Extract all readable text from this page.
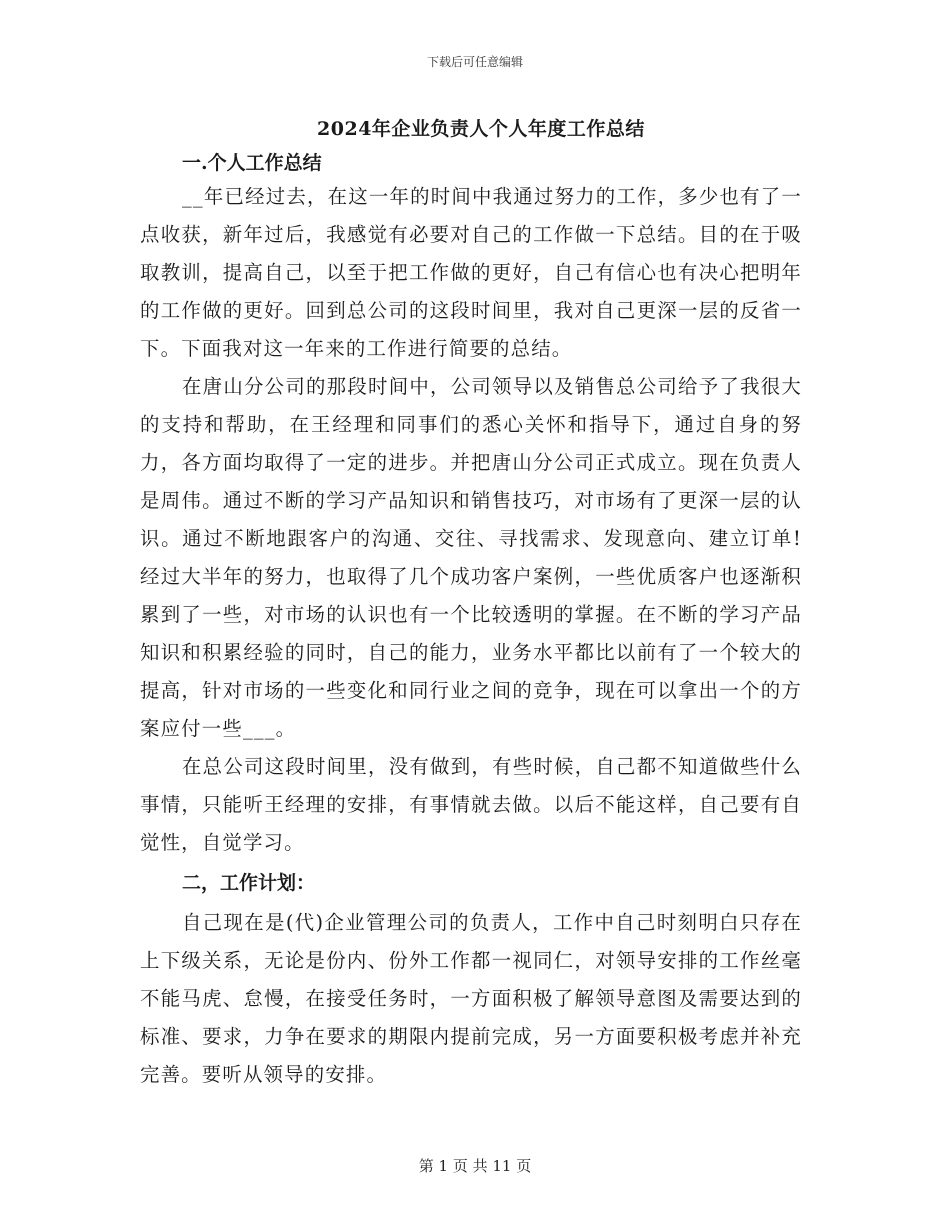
下载后可任意编辑
2024年企业负责人个人年度工作总结
一.个人工作总结

__年已经过去，在这一年的时间中我通过努力的工作，多少也有了一点收获，新年过后，我感觉有必要对自己的工作做一下总结。目的在于吸取教训，提高自己，以至于把工作做的更好，自己有信心也有决心把明年的工作做的更好。回到总公司的这段时间里，我对自己更深一层的反省一下。下面我对这一年来的工作进行简要的总结。

在唐山分公司的那段时间中，公司领导以及销售总公司给予了我很大的支持和帮助，在王经理和同事们的悉心关怀和指导下，通过自身的努力，各方面均取得了一定的进步。并把唐山分公司正式成立。现在负责人是周伟。通过不断的学习产品知识和销售技巧，对市场有了更深一层的认识。通过不断地跟客户的沟通、交往、寻找需求、发现意向、建立订单!经过大半年的努力，也取得了几个成功客户案例，一些优质客户也逐渐积累到了一些，对市场的认识也有一个比较透明的掌握。在不断的学习产品知识和积累经验的同时，自己的能力，业务水平都比以前有了一个较大的提高，针对市场的一些变化和同行业之间的竞争，现在可以拿出一个的方案应付一些___。

在总公司这段时间里，没有做到，有些时候，自己都不知道做些什么事情，只能听王经理的安排，有事情就去做。以后不能这样，自己要有自觉性，自觉学习。

二，工作计划：

自己现在是(代)企业管理公司的负责人，工作中自己时刻明白只存在上下级关系，无论是份内、份外工作都一视同仁，对领导安排的工作丝毫不能马虎、怠慢，在接受任务时，一方面积极了解领导意图及需要达到的标准、要求，力争在要求的期限内提前完成，另一方面要积极考虑并补充完善。要听从领导的安排。

第 1 页 共 11 页
